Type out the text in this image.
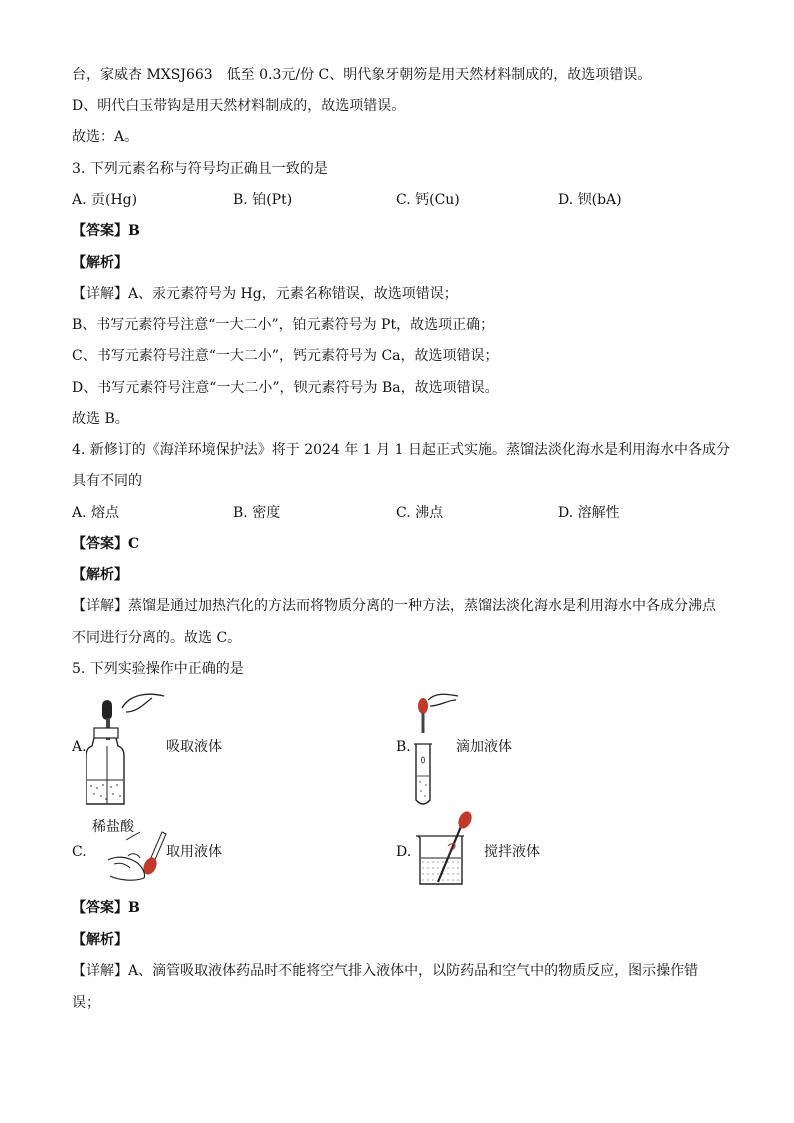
台，家威杏 MXSJ663　低至 0.3元/份 C、明代象牙朝笏是用天然材料制成的，故选项错误。
D、明代白玉带钩是用天然材料制成的，故选项错误。
故选：A。
3. 下列元素名称与符号均正确且一致的是
A. 贡(Hg)	B. 铂(Pt)	C. 钙(Cu)	D. 钡(bA)
【答案】B
【解析】
【详解】A、汞元素符号为 Hg，元素名称错误，故选项错误；
B、书写元素符号注意“一大二小”，铂元素符号为 Pt，故选项正确；
C、书写元素符号注意“一大二小”，钙元素符号为 Ca，故选项错误；
D、书写元素符号注意“一大二小”，钡元素符号为 Ba，故选项错误。
故选 B。
4. 新修订的《海洋环境保护法》将于 2024 年 1 月 1 日起正式实施。蒸馏法淡化海水是利用海水中各成分
具有不同的
A. 熔点	B. 密度	C. 沸点	D. 溶解性
【答案】C
【解析】
【详解】蒸馏是通过加热汽化的方法而将物质分离的一种方法，蒸馏法淡化海水是利用海水中各成分沸点
不同进行分离的。故选 C。
5. 下列实验操作中正确的是
A.	吸取液体	B.	滴加液体
稀盐酸
C.	取用液体	D.	搅拌液体
【答案】B
【解析】
【详解】A、滴管吸取液体药品时不能将空气排入液体中，以防药品和空气中的物质反应，图示操作错
误；
